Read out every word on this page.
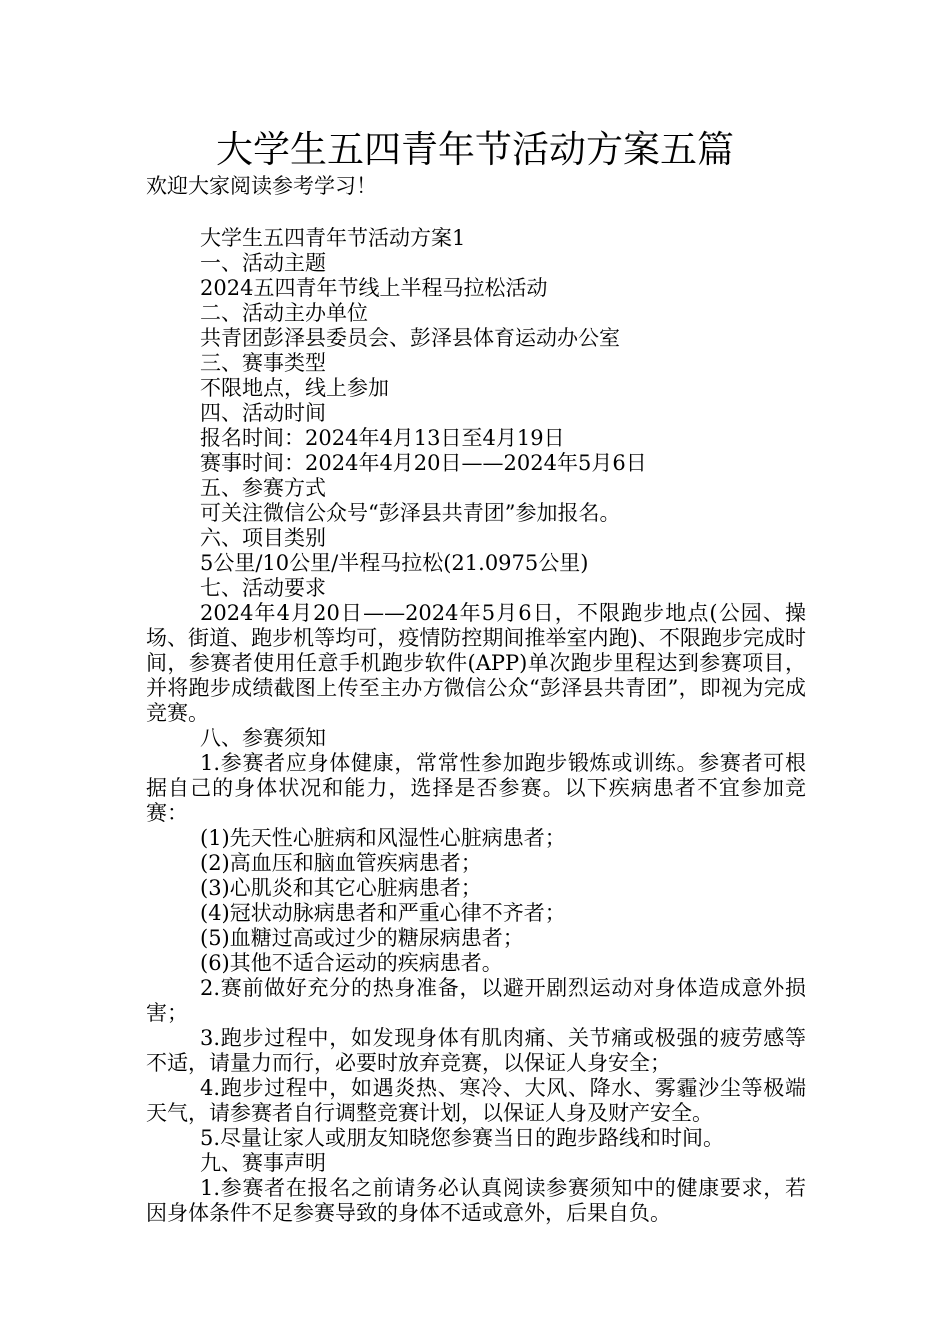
大学生五四青年节活动方案五篇
欢迎大家阅读参考学习！

大学生五四青年节活动方案1

一、活动主题

2024五四青年节线上半程马拉松活动

二、活动主办单位

共青团彭泽县委员会、彭泽县体育运动办公室

三、赛事类型

不限地点，线上参加

四、活动时间

报名时间：2024年4月13日至4月19日

赛事时间：2024年4月20日——2024年5月6日

五、参赛方式

可关注微信公众号“彭泽县共青团”参加报名。

六、项目类别

5公里/10公里/半程马拉松(21.0975公里)

七、活动要求

2024年4月20日——2024年5月6日，不限跑步地点(公园、操场、街道、跑步机等均可，疫情防控期间推举室内跑)、不限跑步完成时间，参赛者使用任意手机跑步软件(APP)单次跑步里程达到参赛项目，并将跑步成绩截图上传至主办方微信公众“彭泽县共青团”，即视为完成竞赛。

八、参赛须知

1.参赛者应身体健康，常常性参加跑步锻炼或训练。参赛者可根据自己的身体状况和能力，选择是否参赛。以下疾病患者不宜参加竞赛：

(1)先天性心脏病和风湿性心脏病患者；

(2)高血压和脑血管疾病患者；

(3)心肌炎和其它心脏病患者；

(4)冠状动脉病患者和严重心律不齐者；

(5)血糖过高或过少的糖尿病患者；

(6)其他不适合运动的疾病患者。

2.赛前做好充分的热身准备，以避开剧烈运动对身体造成意外损害；

3.跑步过程中，如发现身体有肌肉痛、关节痛或极强的疲劳感等不适，请量力而行，必要时放弃竞赛，以保证人身安全；

4.跑步过程中，如遇炎热、寒冷、大风、降水、雾霾沙尘等极端天气，请参赛者自行调整竞赛计划，以保证人身及财产安全。

5.尽量让家人或朋友知晓您参赛当日的跑步路线和时间。

九、赛事声明

1.参赛者在报名之前请务必认真阅读参赛须知中的健康要求，若因身体条件不足参赛导致的身体不适或意外，后果自负。
